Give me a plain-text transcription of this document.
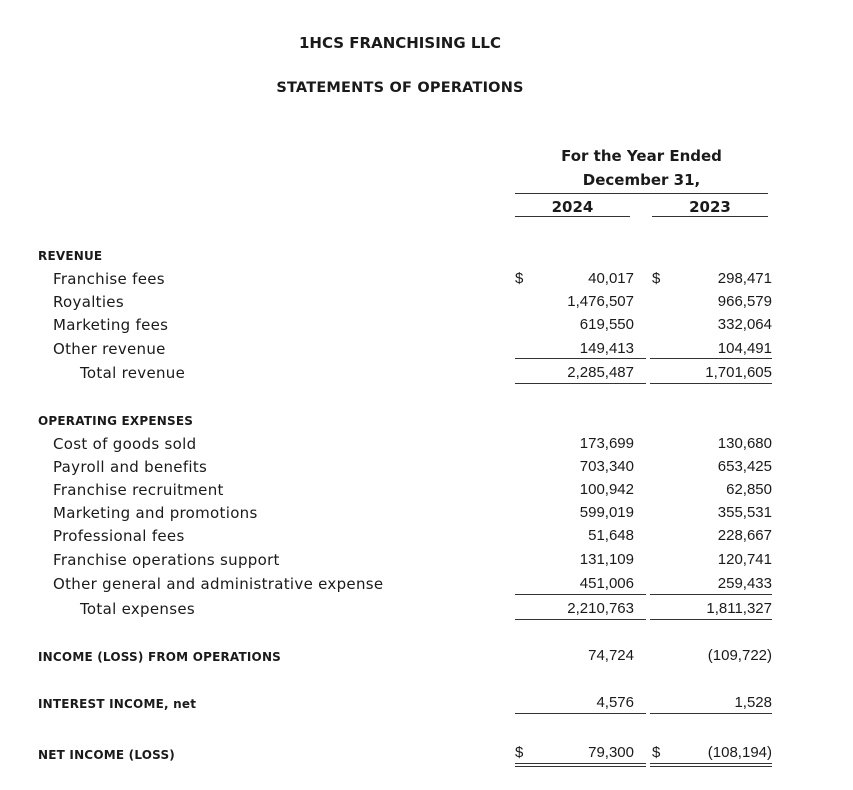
1HCS FRANCHISING LLC
STATEMENTS OF OPERATIONS
For the Year Ended
December 31,
2024	2023
REVENUE
Franchise fees	$	40,017 $	298,471
Royalties	1,476,507	966,579
Marketing fees	619,550	332,064
Other revenue	149,413	104,491
Total revenue	2,285,487	1,701,605
OPERATING EXPENSES
Cost of goods sold	173,699	130,680
Payroll and benefits	703,340	653,425
Franchise recruitment	100,942	62,850
Marketing and promotions	599,019	355,531
Professional fees	51,648	228,667
Franchise operations support	131,109	120,741
Other general and administrative expense	451,006	259,433
Total expenses	2,210,763	1,811,327
INCOME (LOSS) FROM OPERATIONS	74,724	(109,722)
INTEREST INCOME, net	4,576	1,528
NET INCOME (LOSS)	$	79,300 $	(108,194)
